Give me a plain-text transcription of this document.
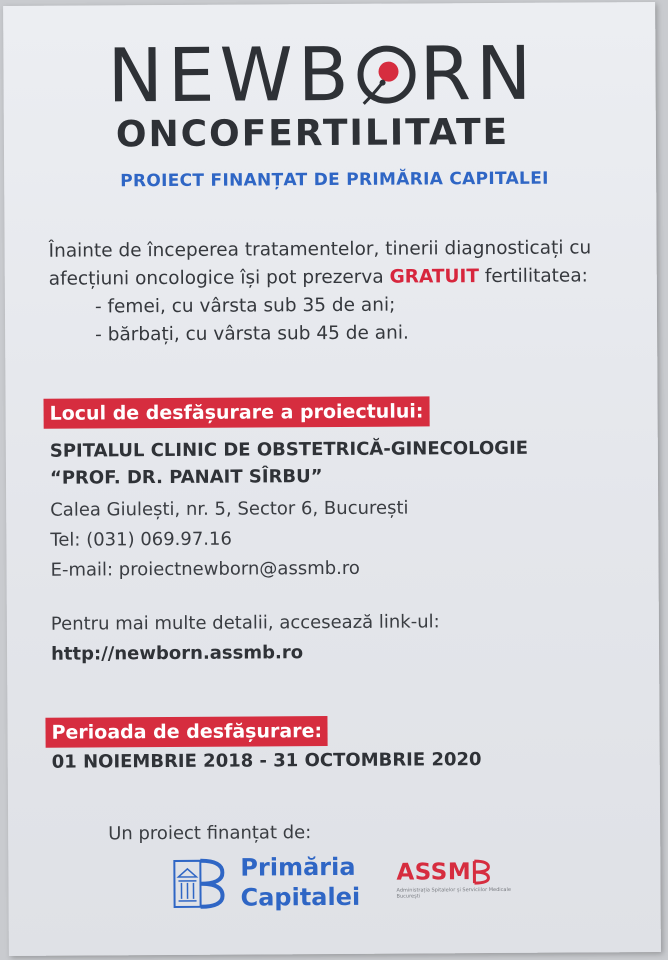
NEWB RN
ONCOFERTILITATE
PROIECT FINANȚAT DE PRIMĂRIA CAPITALEI
Înainte de începerea tratamentelor, tinerii diagnosticați cu
afecțiuni oncologice își pot prezerva GRATUIT fertilitatea:
- femei, cu vârsta sub 35 de ani;
- bărbați, cu vârsta sub 45 de ani.
Locul de desfășurare a proiectului:
SPITALUL CLINIC DE OBSTETRICĂ-GINECOLOGIE
“PROF. DR. PANAIT SÎRBU”
Calea Giulești, nr. 5, Sector 6, București
Tel: (031) 069.97.16
E-mail: proiectnewborn@assmb.ro
Pentru mai multe detalii, accesează link-ul:
http://newborn.assmb.ro
Perioada de desfășurare:
01 NOIEMBRIE 2018 - 31 OCTOMBRIE 2020
Un proiect finanțat de:
Primăria
Capitalei
ASSM
Administrația Spitalelor și Serviciilor Medicale București
